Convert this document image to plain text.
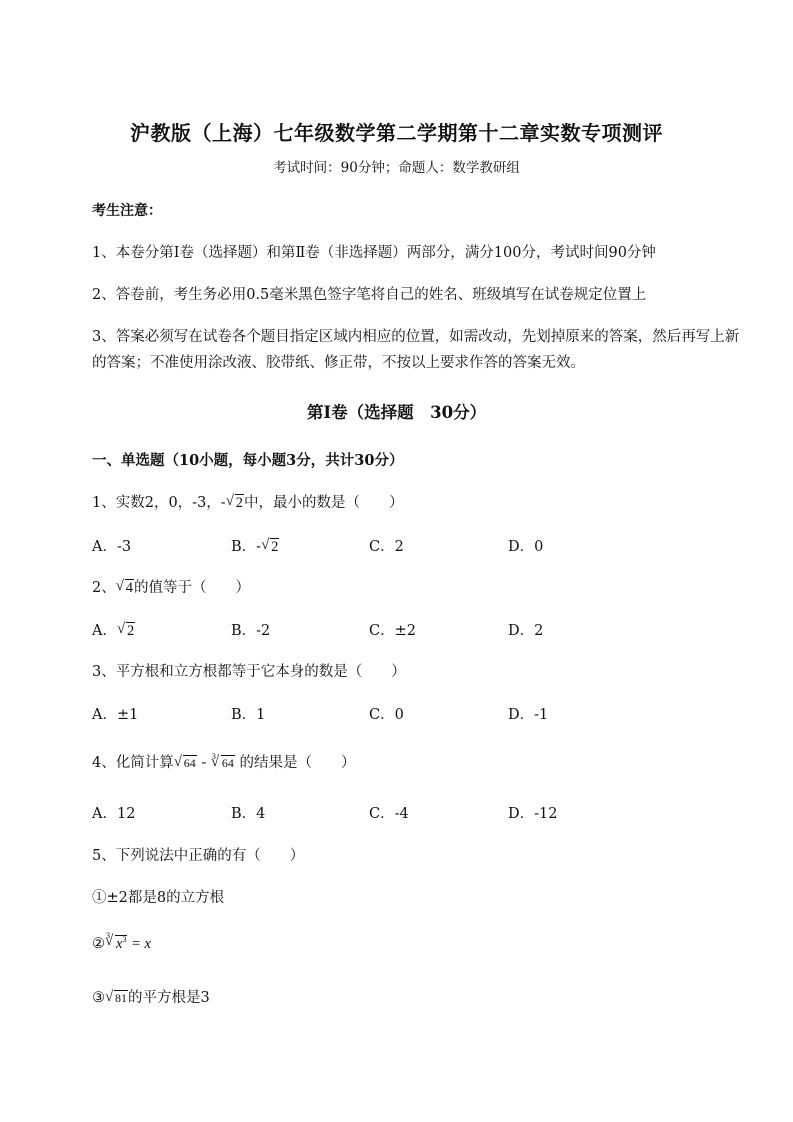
沪教版（上海）七年级数学第二学期第十二章实数专项测评
考试时间：90分钟；命题人：数学教研组
考生注意：
1、本卷分第Ⅰ卷（选择题）和第Ⅱ卷（非选择题）两部分，满分100分，考试时间90分钟
2、答卷前，考生务必用0.5毫米黑色签字笔将自己的姓名、班级填写在试卷规定位置上
3、答案必须写在试卷各个题目指定区域内相应的位置，如需改动，先划掉原来的答案，然后再写上新
的答案；不准使用涂改液、胶带纸、修正带，不按以上要求作答的答案无效。
第Ⅰ卷（选择题　30分）
一、单选题（10小题，每小题3分，共计30分）
1、实数2，0，-3，- √ 2中，最小的数是（　　）
A．-3	B．- √ 2	C．2	D．0
2、 √ 4的值等于（　　）
A． √ 2	B．-2	C．±2	D．2
3、平方根和立方根都等于它本身的数是（　　）
A．±1	B．1	C．0	D．-1
4、化简计算 √ 64 - √ 3 64 的结果是（　　）
A．12	B．4	C．-4	D．-12
5、下列说法中正确的有（　　）
①±2都是8的立方根
②
√ 3
$x^3 = x$
③ √ 81的平方根是3
